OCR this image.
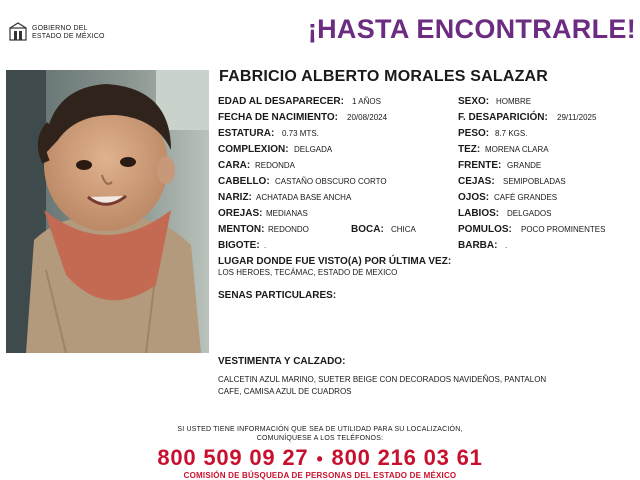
GOBIERNO DEL
ESTADO DE MÉXICO	¡HASTA ENCONTRARLE!
FABRICIO ALBERTO MORALES SALAZAR
EDAD AL DESAPARECER: 1 AÑOS
FECHA DE NACIMIENTO: 20/08/2024
ESTATURA: 0.73 MTS.
COMPLEXION: DELGADA
CARA: REDONDA
CABELLO: CASTAÑO OBSCURO CORTO
NARIZ: ACHATADA BASE ANCHA
OREJAS: MEDIANAS
MENTON: REDONDO	BOCA: CHICA
BIGOTE: .
SEXO: HOMBRE
F. DESAPARICIÓN: 29/11/2025
PESO: 8.7 KGS.
TEZ: MORENA CLARA
FRENTE: GRANDE
CEJAS: SEMIPOBLADAS
OJOS: CAFÉ GRANDES
LABIOS: DELGADOS
POMULOS: POCO PROMINENTES
BARBA: .
LUGAR DONDE FUE VISTO(A) POR ÚLTIMA VEZ:
LOS HEROES, TECÁMAC, ESTADO DE MEXICO
SENAS PARTICULARES:
VESTIMENTA Y CALZADO:
CALCETIN AZUL MARINO, SUETER BEIGE CON DECORADOS NAVIDEÑOS, PANTALON
CAFE, CAMISA AZUL DE CUADROS
SI USTED TIENE INFORMACIÓN QUE SEA DE UTILIDAD PARA SU LOCALIZACIÓN,
COMUNÍQUESE A LOS TELÉFONOS:
800 509 09 27 • 800 216 03 61
COMISIÓN DE BÚSQUEDA DE PERSONAS DEL ESTADO DE MÉXICO
